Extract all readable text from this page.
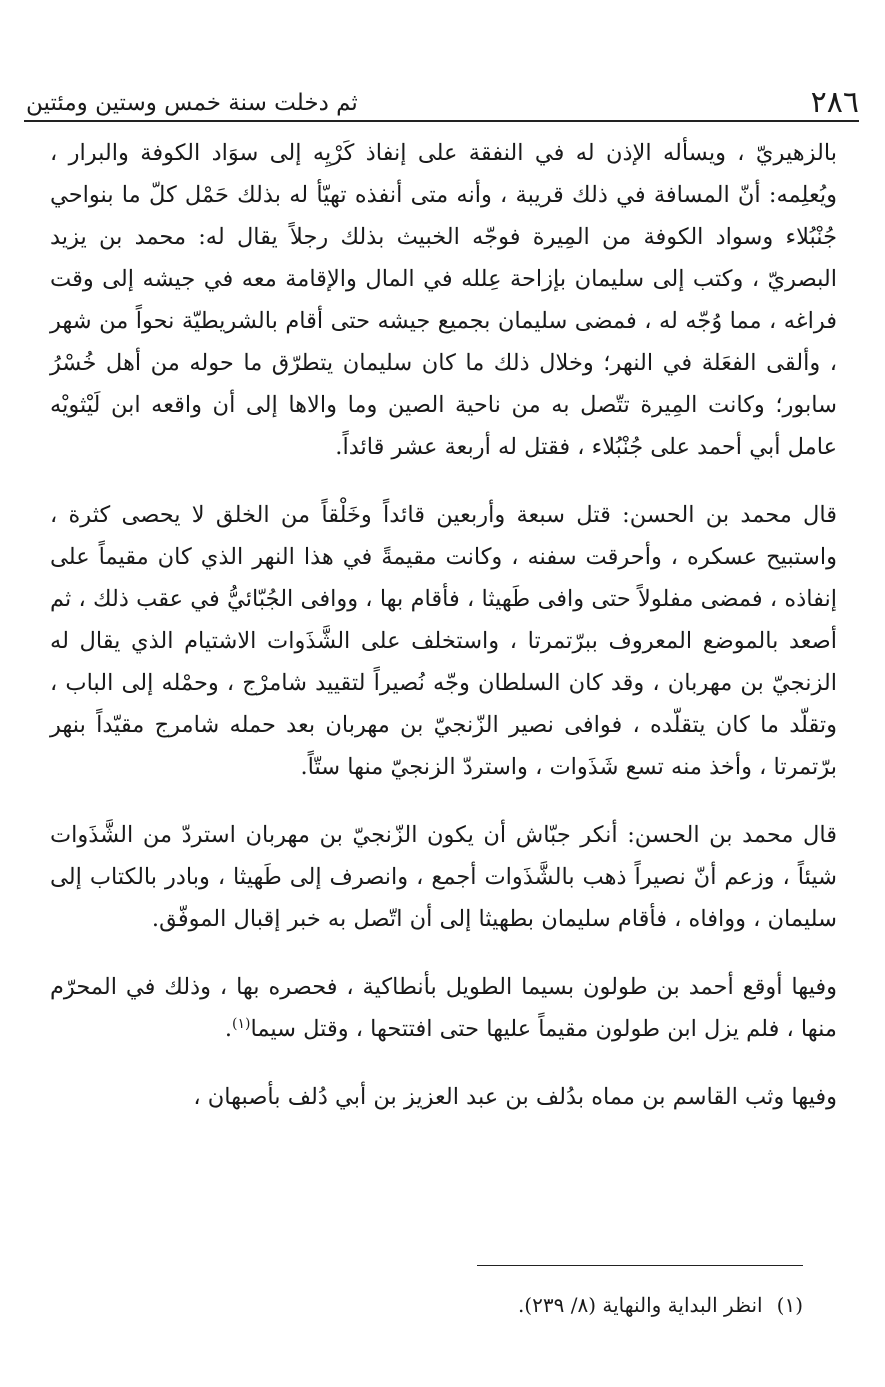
٢٨٦
ثم دخلت سنة خمس وستين ومئتين

بالزهيريّ ، ويسأله الإذن له في النفقة على إنفاذ كَرْيِه إلى سوَاد الكوفة والبرار ، ويُعلِمه: أنّ المسافة في ذلك قريبة ، وأنه متى أنفذه تهيّأ له بذلك حَمْل كلّ ما بنواحي جُنْبُلاء وسواد الكوفة من المِيرة فوجّه الخبيث بذلك رجلاً يقال له: محمد بن يزيد البصريّ ، وكتب إلى سليمان بإزاحة عِلله في المال والإقامة معه في جيشه إلى وقت فراغه ، مما وُجّه له ، فمضى سليمان بجميع جيشه حتى أقام بالشريطيّة نحواً من شهر ، وألقى الفعَلة في النهر؛ وخلال ذلك ما كان سليمان يتطرّق ما حوله من أهل خُسْرُ سابور؛ وكانت المِيرة تتّصل به من ناحية الصين وما والاها إلى أن واقعه ابن لَيْثويْه عامل أبي أحمد على جُنْبُلاء ، فقتل له أربعة عشر قائداً.

قال محمد بن الحسن: قتل سبعة وأربعين قائداً وخَلْقاً من الخلق لا يحصى كثرة ، واستبيح عسكره ، وأحرقت سفنه ، وكانت مقيمةً في هذا النهر الذي كان مقيماً على إنفاذه ، فمضى مفلولاً حتى وافى طَهيثا ، فأقام بها ، ووافى الجُبّائيُّ في عقب ذلك ، ثم أصعد بالموضع المعروف ببرّتمرتا ، واستخلف على الشَّذَوات الاشتيام الذي يقال له الزنجيّ بن مهربان ، وقد كان السلطان وجّه نُصيراً لتقييد شامرْج ، وحمْله إلى الباب ، وتقلّد ما كان يتقلّده ، فوافى نصير الزّنجيّ بن مهربان بعد حمله شامرج مقيّداً بنهر برّتمرتا ، وأخذ منه تسع شَذَوات ، واستردّ الزنجيّ منها ستّاً.

قال محمد بن الحسن: أنكر جبّاش أن يكون الزّنجيّ بن مهربان استردّ من الشَّذَوات شيئاً ، وزعم أنّ نصيراً ذهب بالشَّذَوات أجمع ، وانصرف إلى طَهيثا ، وبادر بالكتاب إلى سليمان ، ووافاه ، فأقام سليمان بطهيثا إلى أن اتّصل به خبر إقبال الموفّق.

وفيها أوقع أحمد بن طولون بسيما الطويل بأنطاكية ، فحصره بها ، وذلك في المحرّم منها ، فلم يزل ابن طولون مقيماً عليها حتى افتتحها ، وقتل سيما$^{(١)}$.

وفيها وثب القاسم بن مماه بدُلف بن عبد العزيز بن أبي دُلف بأصبهان ،

(١)انظر البداية والنهاية (٨/ ٢٣٩).
